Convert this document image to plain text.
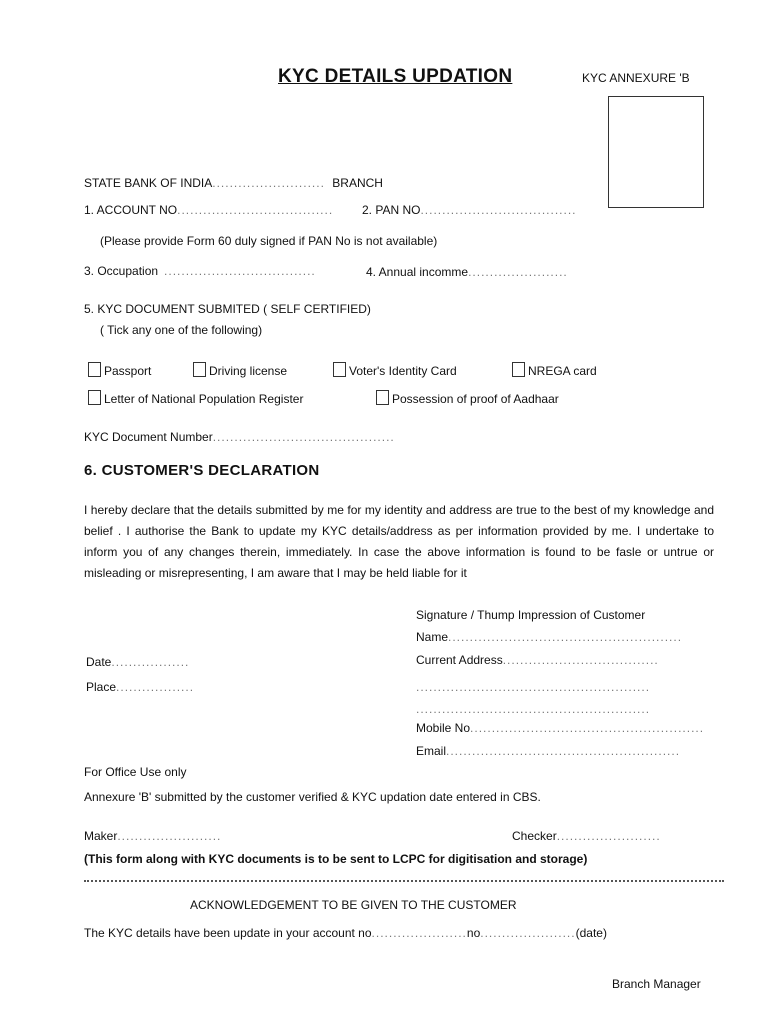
KYC DETAILS UPDATION	KYC ANNEXURE 'B
STATE BANK OF INDIA.......................... BRANCH
1. ACCOUNT NO.................................... 2. PAN NO....................................
(Please provide Form 60 duly signed if PAN No is not available)
3. Occupation ...................................	4. Annual incomme.......................
5. KYC DOCUMENT SUBMITED ( SELF CERTIFIED)
( Tick any one of the following)
Passport	Driving license	Voter's Identity Card	NREGA card
Letter of National Population Register	Possession of proof of Aadhaar
KYC Document Number..........................................
6. CUSTOMER'S DECLARATION
I hereby declare that the details submitted by me for my identity and address are true to the best of my knowledge and belief . I authorise the Bank to update my KYC details/address as per information provided by me. I undertake to inform you of any changes therein, immediately. In case the above information is found to be fasle or untrue or misleading or misrepresenting, I am aware that I may be held liable for it
Signature / Thump Impression of Customer
Name......................................................
Current Address....................................
......................................................
......................................................
Mobile No......................................................
Email......................................................
Date..................
Place..................
For Office Use only
Annexure 'B' submitted by the customer verified & KYC updation date entered in CBS.
Maker........................	Checker........................
(This form along with KYC documents is to be sent to LCPC for digitisation and storage)
ACKNOWLEDGEMENT TO BE GIVEN TO THE CUSTOMER
The KYC details have been update in your account no......................no......................(date)
Branch Manager
